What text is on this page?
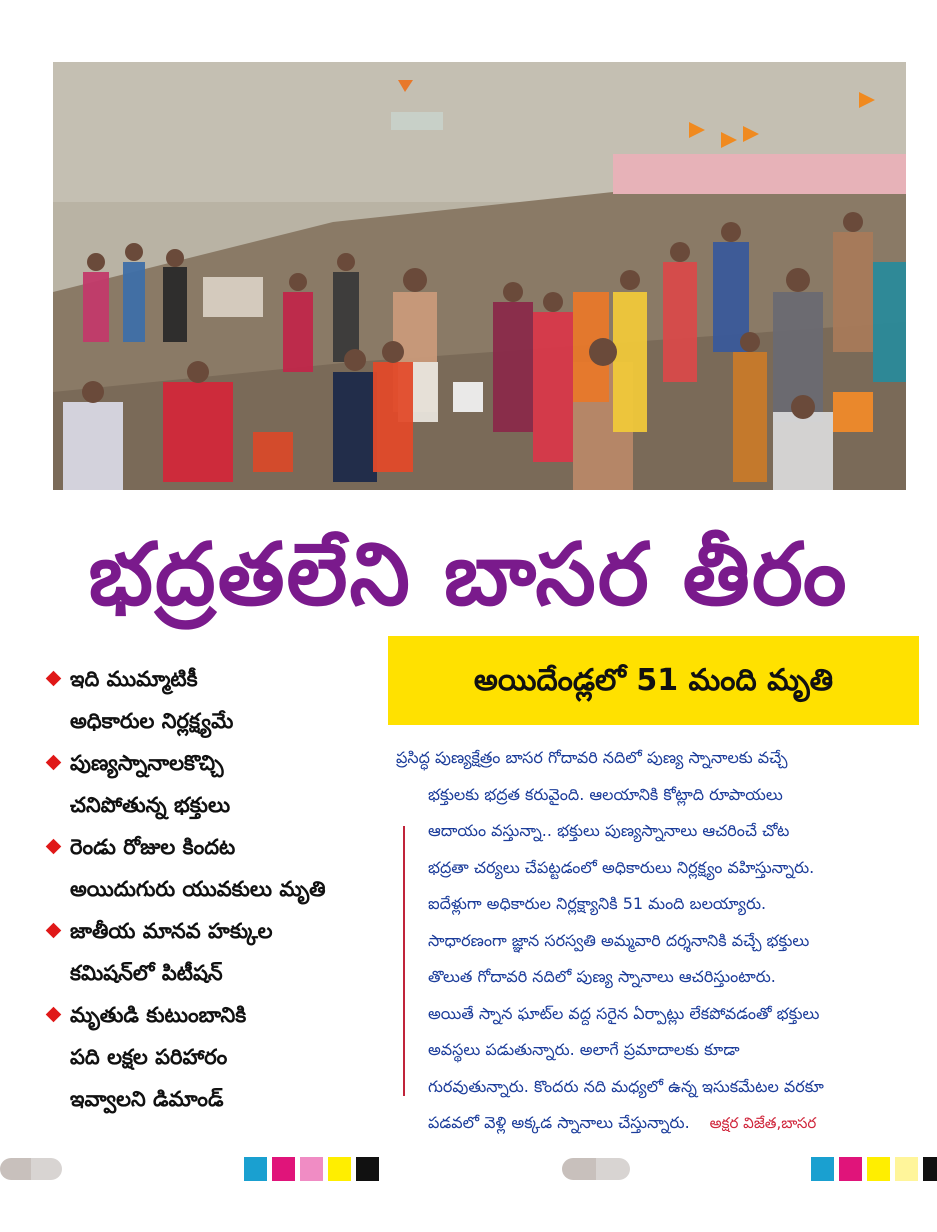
భద్రతలేని బాసర తీరం
ఇది ముమ్మాటికీ
అధికారుల నిర్లక్ష్యమే
పుణ్యస్నానాలకొచ్చి
చనిపోతున్న భక్తులు
రెండు రోజుల కిందట
అయిదుగురు యువకులు మృతి
జాతీయ మానవ హక్కుల
కమిషన్‌లో పిటీషన్
మృతుడి కుటుంబానికి
పది లక్షల పరిహారం
ఇవ్వాలని డిమాండ్
అయిదేండ్లలో 51 మంది మృతి
ప్రసిద్ధ పుణ్యక్షేత్రం బాసర గోదావరి నదిలో పుణ్య స్నానాలకు వచ్చే
భక్తులకు భద్రత కరువైంది. ఆలయానికి కోట్లాది రూపాయలు
ఆదాయం వస్తున్నా.. భక్తులు పుణ్యస్నానాలు ఆచరించే చోట
భద్రతా చర్యలు చేపట్టడంలో అధికారులు నిర్లక్ష్యం వహిస్తున్నారు.
ఐదేళ్లుగా అధికారుల నిర్లక్ష్యానికి 51 మంది బలయ్యారు.
సాధారణంగా జ్ఞాన సరస్వతి అమ్మవారి దర్శనానికి వచ్చే భక్తులు
తొలుత గోదావరి నదిలో పుణ్య స్నానాలు ఆచరిస్తుంటారు.
అయితే స్నాన ఘాట్‌ల వద్ద సరైన ఏర్పాట్లు లేకపోవడంతో భక్తులు
అవస్థలు పడుతున్నారు. అలాగే ప్రమాదాలకు కూడా
గురవుతున్నారు. కొందరు నది మధ్యలో ఉన్న ఇసుకమేటల వరకూ
పడవలో వెళ్లి అక్కడ స్నానాలు చేస్తున్నారు. అక్షర విజేత,బాసర
